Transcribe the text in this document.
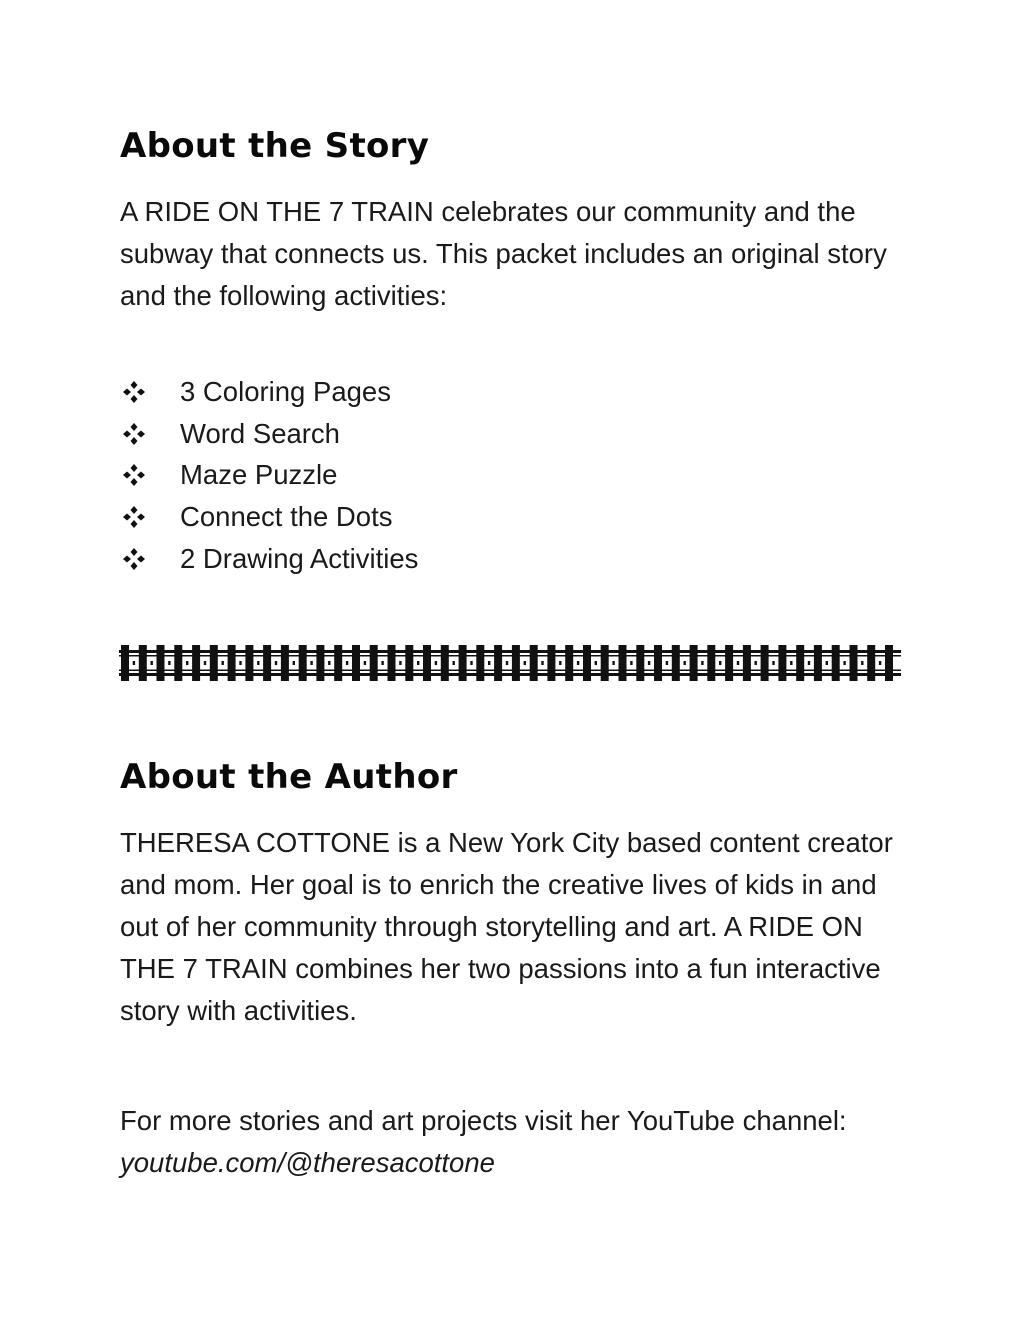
About the Story

A RIDE ON THE 7 TRAIN celebrates our community and the subway that connects us. This packet includes an original story and the following activities:

3 Coloring Pages
Word Search
Maze Puzzle
Connect the Dots
2 Drawing Activities
About the Author

THERESA COTTONE is a New York City based content creator and mom. Her goal is to enrich the creative lives of kids in and out of her community through storytelling and art. A RIDE ON THE 7 TRAIN combines her two passions into a fun interactive story with activities.

For more stories and art projects visit her YouTube channel:

youtube.com/@theresacottone
